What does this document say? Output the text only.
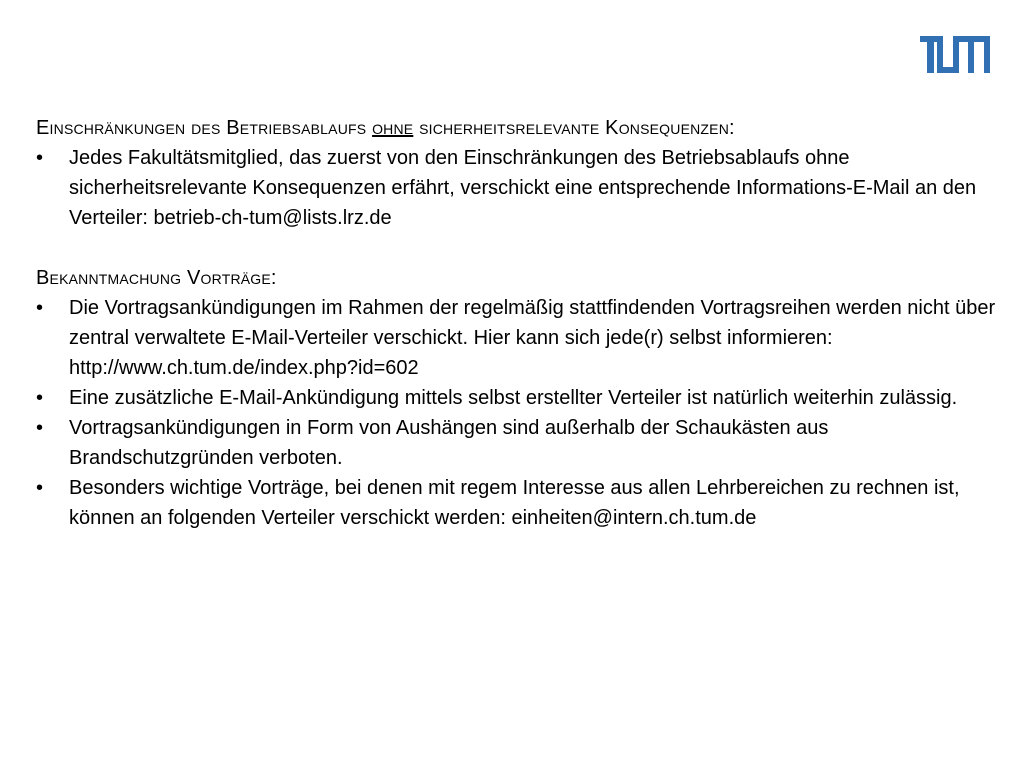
Einschränkungen des Betriebsablaufs ohne sicherheitsrelevante Konsequenzen:

• Jedes Fakultätsmitglied, das zuerst von den Einschränkungen des Betriebsablaufs ohne sicherheitsrelevante Konsequenzen erfährt, verschickt eine entsprechende Informations-E-Mail an den Verteiler: betrieb-ch-tum@lists.lrz.de

Bekanntmachung Vorträge:

• Die Vortragsankündigungen im Rahmen der regelmäßig stattfindenden Vortragsreihen werden nicht über zentral verwaltete E-Mail-Verteiler verschickt. Hier kann sich jede(r) selbst informieren: http://www.ch.tum.de/index.php?id=602
• Eine zusätzliche E-Mail-Ankündigung mittels selbst erstellter Verteiler ist natürlich weiterhin zulässig.
• Vortragsankündigungen in Form von Aushängen sind außerhalb der Schaukästen aus Brandschutzgründen verboten.
• Besonders wichtige Vorträge, bei denen mit regem Interesse aus allen Lehrbereichen zu rechnen ist, können an folgenden Verteiler verschickt werden: einheiten@intern.ch.tum.de
